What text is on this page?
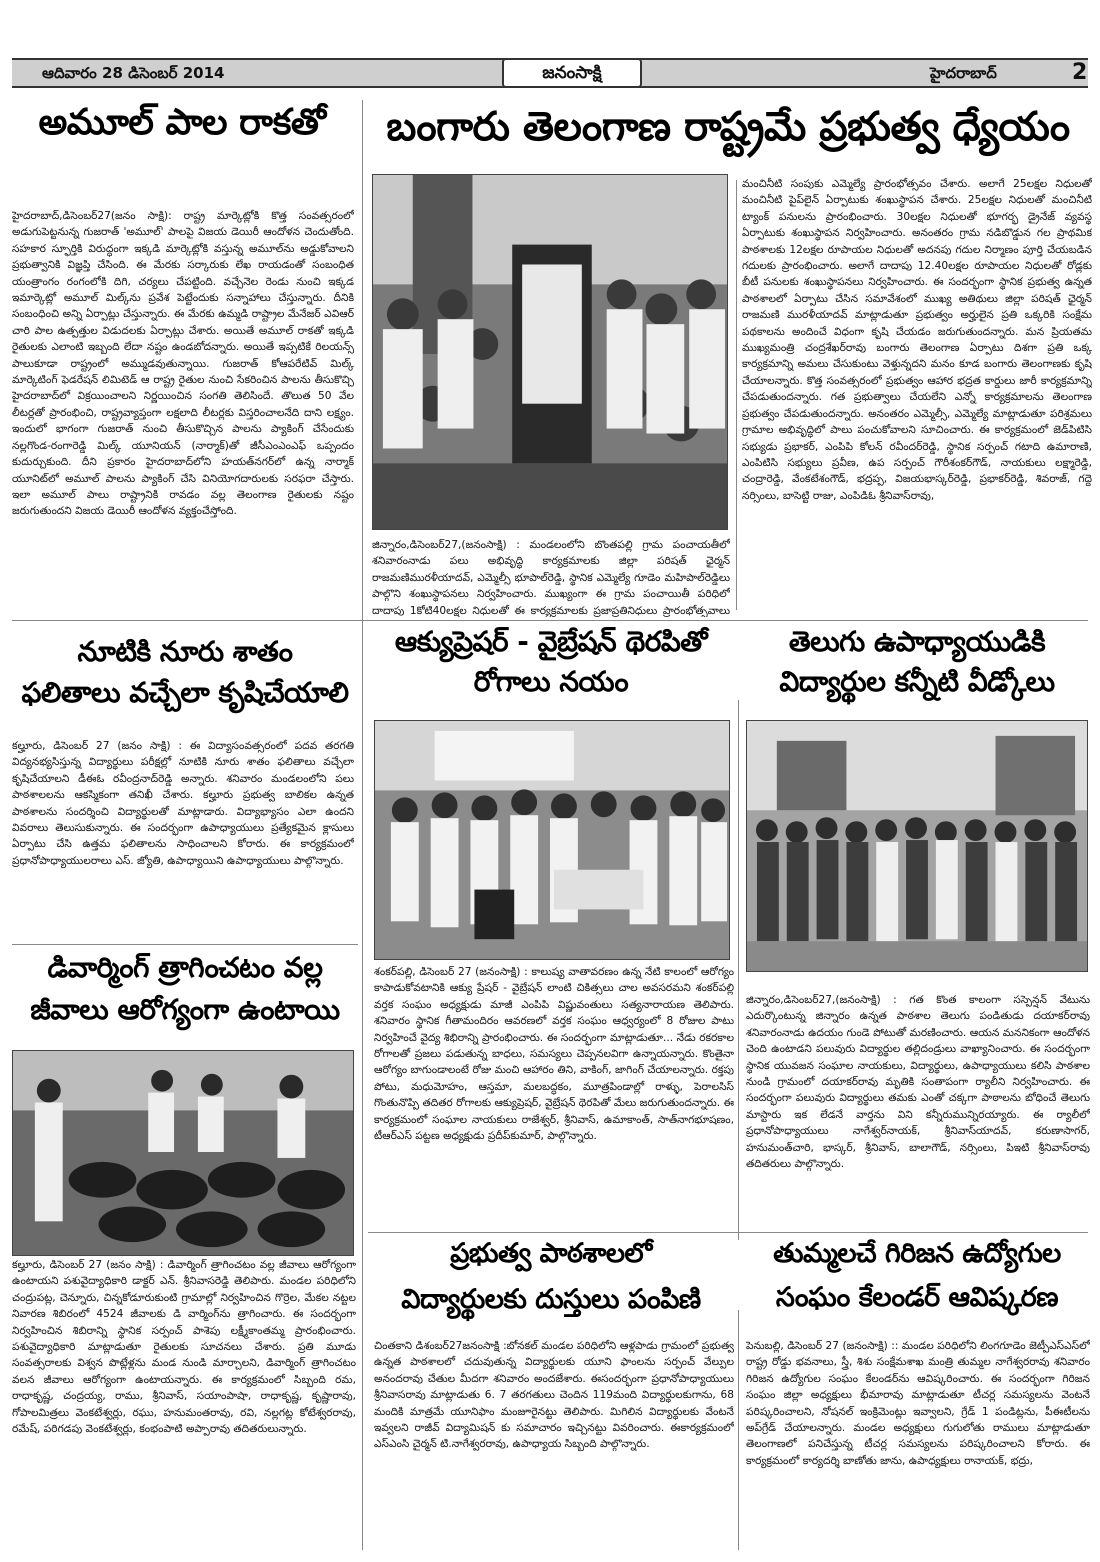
ఆదివారం 28 డిసెంబర్ 2014	జనంసాక్షి	హైదరాబాద్	2
అమూల్ పాల రాకతో
హైదరాబాద్,డిసెంబర్27(జనం సాక్షి): రాష్ట్ర మార్కెట్లోకి కొత్త సంవత్సరంలో అడుగుపెట్టనున్న గుజరాత్ 'అమూల్' పాలపై విజయ డెయిరీ ఆందోళన చెందుతోంది. సహకార స్ఫూర్తికి విరుద్ధంగా ఇక్కడి మార్కెట్లోకి వస్తున్న అమూల్‌ను అడ్డుకోవాలని ప్రభుత్వానికి విజ్ఞప్తి చేసింది. ఈ మేరకు సర్కారుకు లేఖ రాయడంతో సంబంధిత యంత్రాంగం రంగంలోకి దిగి, చర్యలు చేపట్టింది. వచ్చేనెల రెండు నుంచి ఇక్కడ ఇమార్కెట్లో అమూల్ మిల్క్‌ను ప్రవేశ పెట్టేందుకు సన్నాహాలు చేస్తున్నారు. దీనికి సంబంధించి అన్ని ఏర్పాట్లు చేస్తున్నారు. ఈ మేరకు ఉమ్మడి రాష్ట్రాల మేనేజర్ ఎవిఆర్ చారి పాల ఉత్పత్తుల విడుదలకు ఏర్పాట్లు చేశారు. అయితే అమూల్ రాకతో ఇక్కడి రైతులకు ఎలాంటి ఇబ్బంది లేదా నష్టం ఉండబోదన్నారు. అయితే ఇప్పటికే రిలయన్స్ పాలుకూడా రాష్ట్రంలో అమ్ముడవుతున్నాయి. గుజరాత్ కోఆపరేటివ్ మిల్క్ మార్కెటింగ్ ఫెడరేషన్ లిమిటెడ్ ఆ రాష్ట్ర రైతుల నుంచి సేకరించిన పాలను తీసుకొచ్చి హైదరాబాద్‌లో విక్రయించాలని నిర్ణయించిన సంగతి తెలిసిందే. తొలుత 50 వేల లీటర్లతో ప్రారంభించి, రాష్ట్రవ్యాప్తంగా లక్షలాది లీటర్లకు విస్తరించాలనేది దాని లక్ష్యం. ఇందులో భాగంగా గుజరాత్ నుంచి తీసుకొచ్చిన పాలను ప్యాకింగ్ చేసేందుకు నల్లగొండ-రంగారెడ్డి మిల్క్ యూనియన్ (నార్మాక్)తో జీసీఎంఎంఎఫ్ ఒప్పందం కుదుర్చుకుంది. దీని ప్రకారం హైదరాబాద్‌లోని హయత్‌నగర్‌లో ఉన్న నార్మాక్ యూనిట్‌లో అమూల్ పాలను ప్యాకింగ్ చేసి వినియోగదారులకు సరఫరా చేస్తారు. ఇలా అమూల్ పాలు రాష్ట్రానికి రావడం వల్ల తెలంగాణ రైతులకు నష్టం జరుగుతుందని విజయ డెయిరీ ఆందోళన వ్యక్తంచేస్తోంది.
బంగారు తెలంగాణ రాష్ట్రమే ప్రభుత్వ ధ్యేయం
జిన్నారం,డిసెంబర్27,(జనంసాక్షి) : మండలంలోని బొంతపల్లి గ్రామ పంచాయతీలో శనివారంనాడు పలు అభివృద్ధి కార్యక్రమాలకు జిల్లా పరిషత్ ఛైర్మన్ రాజమణిమురళీయాదవ్, ఎమ్మెల్సీ భూపాల్‌రెడ్డి, స్థానిక ఎమ్మెల్యే గూడెం మహిపాల్‌రెడ్డిలు పాల్గొని శంఖుస్థాపనలు నిర్వహించారు. ముఖ్యంగా ఈ గ్రామ పంచాయితీ పరిధిలో దాదాపు 1కోటి40లక్షల నిధులతో ఈ కార్యక్రమాలకు ప్రజాప్రతినిధులు ప్రారంభోత్సవాలు
మంచినీటి సంపుకు ఎమ్మెల్యే ప్రారంభోత్సవం చేశారు. అలాగే 25లక్షల నిధులతో మంచినీటి పైప్‌లైన్ ఏర్పాటుకు శంఖుస్థాపన చేశారు. 25లక్షల నిధులతో మంచినీటి ట్యాంక్ పనులను ప్రారంభించారు. 30లక్షల నిధులతో భూగర్భ డ్రైనేజ్ వ్యవస్థ ఏర్పాటుకు శంఖుస్థాపన నిర్వహించారు. అనంతరం గ్రామ నడిబొడ్డున గల ప్రాథమిక పాఠశాలకు 12లక్షల రూపాయల నిధులతో అదనపు గదుల నిర్మాణం పూర్తి చేయబడిన గదులకు ప్రారంభించారు. అలాగే దాదాపు 12.40లక్షల రూపాయల నిధులతో రోడ్లకు బీటీ పనులకు శంఖుస్థాపనలు నిర్వహించారు. ఈ సందర్భంగా స్థానిక ప్రభుత్వ ఉన్నత పాఠశాలలో ఏర్పాటు చేసిన సమావేశంలో ముఖ్య అతిథులు జిల్లా పరిషత్ ఛైర్మన్ రాజమణి మురళీయాదవ్ మాట్లాడుతూ ప్రభుత్వం అర్హులైన ప్రతి ఒక్కరికి సంక్షేమ పథకాలను అందించే విధంగా కృషి చేయడం జరుగుతుందన్నారు. మన ప్రియతమ ముఖ్యమంత్రి చంద్రశేఖర్‌రావు బంగారు తెలంగాణ ఏర్పాటు దిశగా ప్రతి ఒక్క కార్యక్రమాన్ని అమలు చేసుకుంటు వెళ్తున్నదని మనం కూడ బంగారు తెలంగాణకు కృషి చేయాలన్నారు. కొత్త సంవత్సరంలో ప్రభుత్వం ఆహార భద్రత కార్డులు జారీ కార్యక్రమాన్ని చేపడుతుందన్నారు. గత ప్రభుత్వాలు చేయలేని ఎన్నో కార్యక్రమాలను తెలంగాణ ప్రభుత్వం చేపడుతుందన్నారు. అనంతరం ఎమ్మెల్సీ, ఎమ్మెల్యే మాట్లాడుతూ పరిశ్రమలు గ్రామాల అభివృద్ధిలో పాలు పంచుకోవాలని సూచించారు. ఈ కార్యక్రమంలో జెడ్‌పిటిసి సభ్యుడు ప్రభాకర్, ఎంపిపి కోలన్ రవీందర్‌రెడ్డి, స్థానిక సర్పంచ్ గటాది ఉమారాణి, ఎంపిటిసి సభ్యులు ప్రవీణ, ఉప సర్పంచ్ గౌరీశంకర్‌గౌడ్, నాయకులు లక్ష్మారెడ్డి, చంద్రారెడ్డి, వేంకటేశంగౌడ్, భద్రప్ప, విజయభాస్కర్‌రెడ్డి, ప్రభాకర్‌రెడ్డి, శివరాజ్, గద్దె నర్సింలు, బాసెట్టి రాజు, ఎంపిడిఓ శ్రీనివాస్‌రావు,
నూటికి నూరు శాతం
ఫలితాలు వచ్చేలా కృషిచేయాలి
కల్హూరు, డిసెంబర్ 27 (జనం సాక్షి) : ఈ విద్యాసంవత్సరంలో పదవ తరగతి విద్యనభ్యసిస్తున్న విద్యార్థులు పరీక్షల్లో నూటికి నూరు శాతం ఫలితాలు వచ్చేలా కృషిచేయాలని డీఈఓ రవీంద్రనాద్‌రెడ్డి అన్నారు. శనివారం మండలంలోని పలు పాఠశాలలను ఆకస్మికంగా తనిఖీ చేశారు. కల్హూరు ప్రభుత్వ బాలికల ఉన్నత పాఠశాలను సందర్శించి విద్యార్థులతో మాట్లాడారు. విద్యాభ్యాసం ఎలా ఉందని వివరాలు తెలుసుకున్నారు. ఈ సందర్భంగా ఉపాధ్యాయులు ప్రత్యేకమైన క్లాసులు ఏర్పాటు చేసి ఉత్తమ ఫలితాలను సాధించాలని కోరారు. ఈ కార్యక్రమంలో ప్రధానోపాధ్యాయులరాలు ఎస్. జ్యోతి, ఉపాధ్యాయిని ఉపాధ్యాయులు పాల్గొన్నారు.
ఆక్యుప్రెషర్ - వైబ్రేషన్ థెరపితో
రోగాలు నయం
శంకర్‌పల్లి, డిసెంబర్ 27 (జనంసాక్షి) : కాలుష్య వాతావరణం ఉన్న నేటి కాలంలో ఆరోగ్యం కాపాడుకోవటానికి ఆక్యు ప్రేషర్ - వైబ్రేషన్ లాంటి చికిత్సలు చాల అవసరమని శంకర్‌పల్లి వర్తక సంఘం అధ్యక్షుడు మాజీ ఎంపిపి విష్ణువంతులు సత్యనారాయణ తెలిపారు. శనివారం స్థానిక గీతామందిరం ఆవరణలో వర్తక సంఘం ఆధ్వర్యంలో 8 రోజుల పాటు నిర్వహించే వైద్య శిభిరాన్ని ప్రారంభించారు. ఈ సందర్భంగా మాట్లాడుతూ... నేడు రకరకాల రోగాలతో ప్రజలు పడుతున్న బాధలు, సమస్యలు చెప్పనలవిగా ఉన్నాయన్నారు. కొంతైనా ఆరోగ్యం బాగుండాలంటే రోజు మంచి ఆహారం తిని, వాకింగ్, జాగింగ్ చేయాలన్నారు. రక్తపు పోటు, మధుమోహం, ఆస్తమా, మలబద్ధకం, మూత్రపిండాల్లో రాళ్ళు, పెరాలసిస్ గొంతునొప్పి తదితర రోగాలకు ఆక్యుప్రెషర్, వైబ్రేషన్ థెరపితో మేలు జరుగుతుందన్నారు. ఈ కార్యక్రమంలో సంఘాల నాయకులు రాజేశ్వర్, శ్రీనివాస్, ఉమాకాంత్, సాత్‌నాగభూషణం, టీఆర్ఎస్ పట్టణ అధ్యక్షుడు ప్రదీప్‌కుమార్, పాల్గొన్నారు.
తెలుగు ఉపాధ్యాయుడికి
విద్యార్థుల కన్నీటి వీడ్కోలు
జిన్నారం,డిసెంబర్27,(జనంసాక్షి) : గత కొంత కాలంగా సస్పెన్షన్ వేటును ఎదుర్కొంటున్న జిన్నారం ఉన్నత పాఠశాల తెలుగు పండితుడు దయాకర్‌రావు శనివారంనాడు ఉదయం గుండె పోటుతో మరణించారు. ఆయన మననికంగా ఆందోళన చెంది ఉంటాడని పలువురు విద్యార్థుల తల్లిదండ్రులు వాఖ్యానించారు. ఈ సందర్భంగా స్థానిక యువజన సంఘాల నాయకులు, విద్యార్థులు, ఉపాధ్యాయులు కలిసి పాఠశాల నుండి గ్రామంలో దయాకర్‌రావు మృతికి సంతాపంగా ర్యాలీని నిర్వహించారు. ఈ సందర్భంగా పలువురు విద్యార్థులు తమకు ఎంతో చక్కగా పాఠాలను బోధించే తెలుగు మాస్టారు ఇక లేడనే వార్తను విని కన్నీరుమున్నిరయ్యారు. ఈ ర్యాలీలో ప్రధానోపాధ్యాయులు నాగేశ్వర్‌నాయక్, శ్రీనివాస్‌యాదవ్, కరుణాసాగర్, హనుమంత్‌చారి, భాస్కర్, శ్రీనివాస్, బాలాగౌడ్, నర్సింలు, పిఇటి శ్రీనివాస్‌రావు తదితరులు పాల్గొన్నారు.
డివార్మింగ్ త్రాగించటం వల్ల
జీవాలు ఆరోగ్యంగా ఉంటాయి
కల్హూరు, డిసెంబర్ 27 (జనం సాక్షి) : డివార్మింగ్ త్రాగించటం వల్ల జీవాలు ఆరోగ్యంగా ఉంటాయని పశువైద్యాధికారి డాక్టర్ ఎన్. శ్రీనివాసరెడ్డి తెలిపారు. మండల పరిధిలోని చంద్రుపట్ల, చెన్నూరు, చిన్నకోడూరుకుంటి గ్రామాల్లో నిర్వహించిన గొర్రెల, మేకల నట్టల నివారణ శిబిరంలో 4524 జీవాలకు డి వార్మింగ్‌ను త్రాగించారు. ఈ సందర్భంగా నిర్వహించిన శిబిరాన్ని స్థానిక సర్పంచ్ పాశెపు లక్ష్మీకాంతమ్మ ప్రారంభించారు. పశువైద్యాధికారి మాట్లాడుతూ రైతులకు సూచనలు చేశారు. ప్రతి మూడు సంవత్సరాలకు విశ్వన పొట్లేళ్లను మండ నుండి మార్చాలని, డివార్మింగ్ త్రాగించటం వలన జీవాలు ఆరోగ్యంగా ఉంటాయన్నారు. ఈ కార్యక్రమంలో సిబ్బంది రమ, రాధాకృష్ణ, చంద్రయ్య, రాము, శ్రీనివాస్, సయాంపాషా, రాధాకృష్ణ, కృష్ణారావు, గోపాలమిత్రలు వెంకటేశ్వర్లు, రఘు, హనుమంతరావు, రవి, నల్లగట్ల కోటేశ్వరరావు, రమేష్, పరిగడపు వెంకటేశ్వర్లు, కంభంపాటి అప్పారావు తదితరులున్నారు.
ప్రభుత్వ పాఠశాలలో
విద్యార్థులకు దుస్తులు పంపిణి
చింతకాని డిశంబర్27జనంసాక్షి :బోనకల్ మండల పరిధిలోని ఆళ్లపాడు గ్రామంలో ప్రభుత్వ ఉన్నత పాఠశాలలో చదువుతున్న విద్యార్థులకు యూని ఫాంలను సర్పంచ్ వేల్పుల అనందరావు చేతుల మీదగా శనివారం అందజేశారు. ఈసందర్భంగా ప్రధానోపాధ్యాయులు శ్రీనివాసరావు మాట్లాడుతు 6. 7 తరగతులు చెందిన 119మంది విద్యార్థులకుగాను, 68 మందికి మాత్రమే యూనిఫాం మంజూరైనట్టు తెలిపారు. మిగిలిన విద్యార్థులకు వేంటనే ఇవ్వలని రాజీవ్ విద్యామిషన్ కు సమాచారం ఇచ్చినట్టు వివరించారు. ఈకార్యక్రమంలో ఎస్ఎంసి చైర్మన్ టి.నాగేశ్వరరావు, ఉపాధ్యాయ సిబ్బంది పాల్గొన్నారు.
తుమ్మలచే గిరిజన ఉద్యోగుల
సంఘం కేలండర్ ఆవిష్కరణ
పెనుబల్లి, డిసెంబర్ 27 (జనంసాక్షి) :: మండల పరిధిలోని లింగగూడెం జెట్పీఎస్ఎస్‌లో రాష్ట్ర రోడ్డు భవనాలు, స్త్రీ, శిశు సంక్షేమశాఖ మంత్రి తుమ్మల నాగేశ్వరరావు శనివారం గిరిజన ఉద్యోగుల సంఘం కేలండర్‌ను ఆవిష్కరించారు. ఈ సందర్భంగా గిరిజన సంఘం జిల్లా అధ్యక్షులు భీమారావు మాట్లాడుతూ టీచర్ల సమస్యలను వెంటనే పరిష్కరించాలని, నోషనల్ ఇంక్రిమెంట్లు ఇవ్వాలని, గ్రేడ్ 1 పండిట్లను, పీఈటీలను అప్‌గ్రేడ్ చేయాలన్నారు. మండల అధ్యక్షులు గుగులోతు రాములు మాట్లాడుతూ తెలంగాణలో పనిచేస్తున్న టీచర్ల సమస్యలను పరిష్కరించాలని కోరారు. ఈ కార్యక్రమంలో కార్యదర్శి బాణోతు జాను, ఉపాధ్యక్షులు రానాయక్, భద్రు,
